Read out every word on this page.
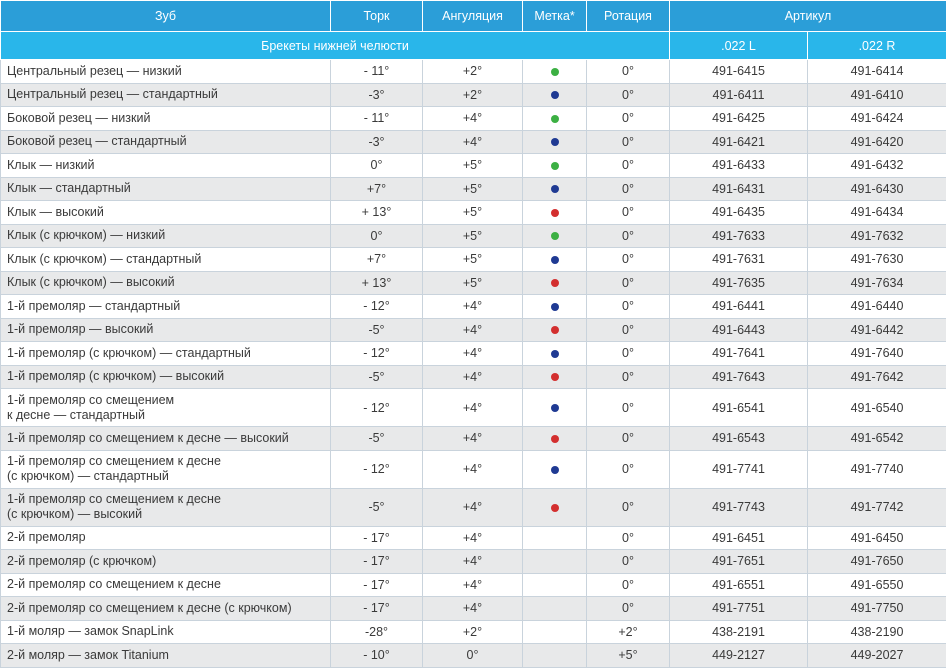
Зуб	Торк	Ангуляция	Метка*	Ротация	Артикул	
Брекеты нижней челюсти					.022 L	.022 R
Центральный резец — низкий	- 11°	+2°		0°	491-6415	491-6414
Центральный резец — стандартный	-3°	+2°		0°	491-6411	491-6410
Боковой резец — низкий	- 11°	+4°		0°	491-6425	491-6424
Боковой резец — стандартный	-3°	+4°		0°	491-6421	491-6420
Клык — низкий	0°	+5°		0°	491-6433	491-6432
Клык — стандартный	+7°	+5°		0°	491-6431	491-6430
Клык — высокий	+ 13°	+5°		0°	491-6435	491-6434
Клык (с крючком) — низкий	0°	+5°		0°	491-7633	491-7632
Клык (с крючком) — стандартный	+7°	+5°		0°	491-7631	491-7630
Клык (с крючком) — высокий	+ 13°	+5°		0°	491-7635	491-7634
1-й премоляр — стандартный	- 12°	+4°		0°	491-6441	491-6440
1-й премоляр — высокий	-5°	+4°		0°	491-6443	491-6442
1-й премоляр (с крючком) — стандартный	- 12°	+4°		0°	491-7641	491-7640
1-й премоляр (с крючком) — высокий	-5°	+4°		0°	491-7643	491-7642
1-й премоляр со смещением
к десне — стандартный	- 12°	+4°		0°	491-6541	491-6540
1-й премоляр со смещением к десне — высокий	-5°	+4°		0°	491-6543	491-6542
1-й премоляр со смещением к десне
(с крючком) — стандартный	- 12°	+4°		0°	491-7741	491-7740
1-й премоляр со смещением к десне
(с крючком) — высокий	-5°	+4°		0°	491-7743	491-7742
2-й премоляр	- 17°	+4°		0°	491-6451	491-6450
2-й премоляр (с крючком)	- 17°	+4°		0°	491-7651	491-7650
2-й премоляр со смещением к десне	- 17°	+4°		0°	491-6551	491-6550
2-й премоляр со смещением к десне (с крючком)	- 17°	+4°		0°	491-7751	491-7750
1-й моляр — замок SnapLink	-28°	+2°		+2°	438-2191	438-2190
2-й моляр — замок Titanium	- 10°	0°		+5°	449-2127	449-2027
